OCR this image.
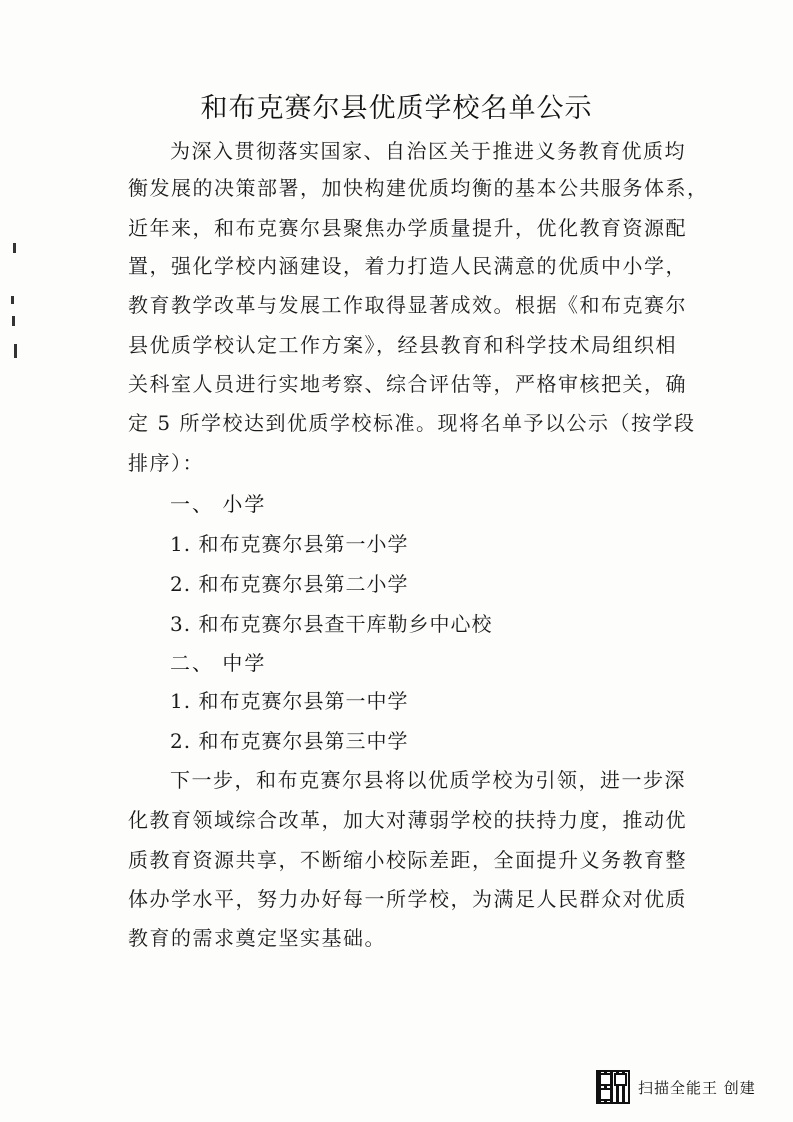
和布克赛尔县优质学校名单公示
为深入贯彻落实国家、自治区关于推进义务教育优质均
衡发展的决策部署，加快构建优质均衡的基本公共服务体系，
近年来，和布克赛尔县聚焦办学质量提升，优化教育资源配
置，强化学校内涵建设，着力打造人民满意的优质中小学，
教育教学改革与发展工作取得显著成效。根据《和布克赛尔
县优质学校认定工作方案》，经县教育和科学技术局组织相
关科室人员进行实地考察、综合评估等，严格审核把关，确
定 5 所学校达到优质学校标准。现将名单予以公示（按学段
排序）：
一、 小学
1. 和布克赛尔县第一小学
2. 和布克赛尔县第二小学
3. 和布克赛尔县查干库勒乡中心校
二、 中学
1. 和布克赛尔县第一中学
2. 和布克赛尔县第三中学
下一步，和布克赛尔县将以优质学校为引领，进一步深
化教育领域综合改革，加大对薄弱学校的扶持力度，推动优
质教育资源共享，不断缩小校际差距，全面提升义务教育整
体办学水平，努力办好每一所学校，为满足人民群众对优质
教育的需求奠定坚实基础。
扫描全能王 创建
